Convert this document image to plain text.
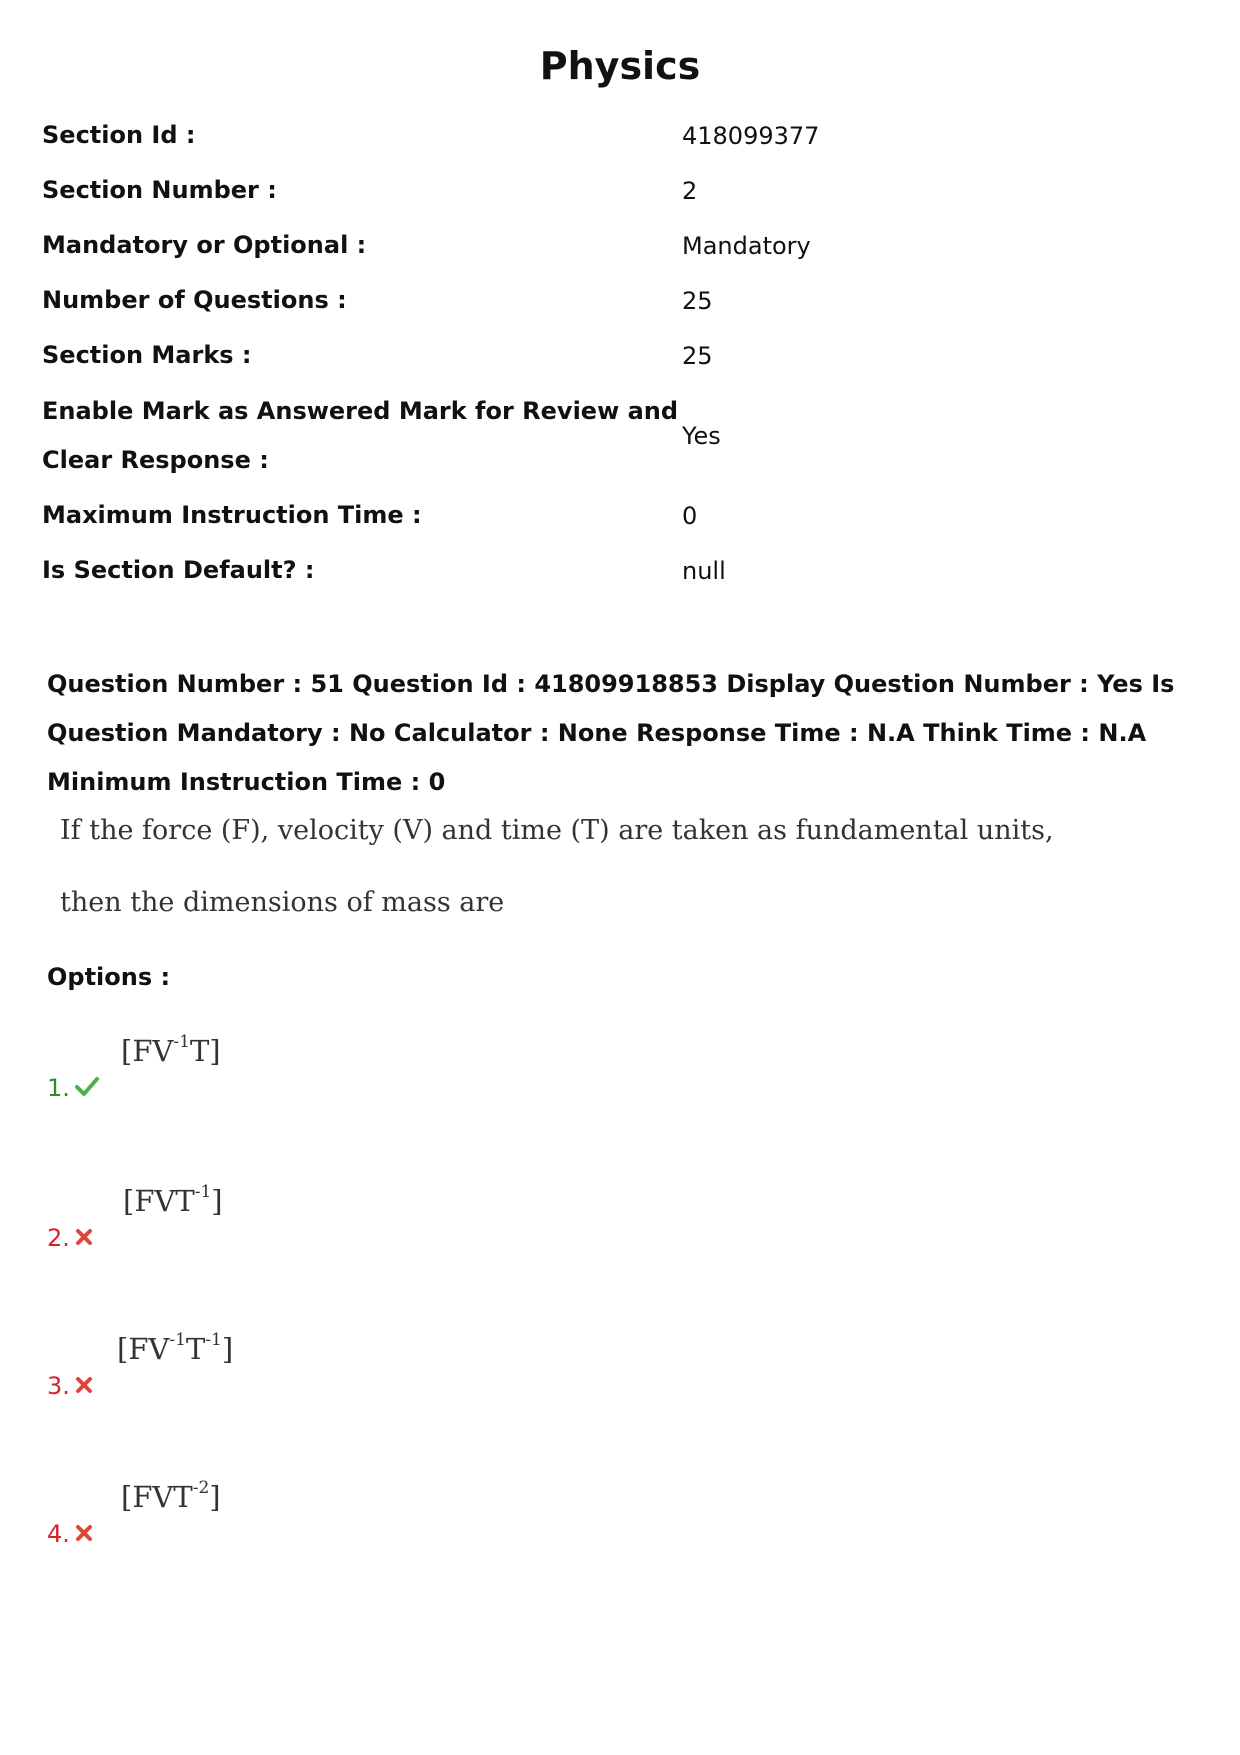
Physics
Section Id :	418099377
Section Number :	2
Mandatory or Optional :	Mandatory
Number of Questions :	25
Section Marks :	25
Enable Mark as Answered Mark for Review and Clear Response :
Yes
Maximum Instruction Time :	0
Is Section Default? :	null
Question Number : 51 Question Id : 41809918853 Display Question Number : Yes Is Question Mandatory : No Calculator : None Response Time : N.A Think Time : N.A Minimum Instruction Time : 0
If the force (F), velocity (V) and time (T) are taken as fundamental units,
then the dimensions of mass are
Options :
1.
$[FV^{-1}T]$
2.
$[FVT^{-1}]$
3.
$[FV^{-1}T^{-1}]$
4.
$[FVT^{-2}]$
